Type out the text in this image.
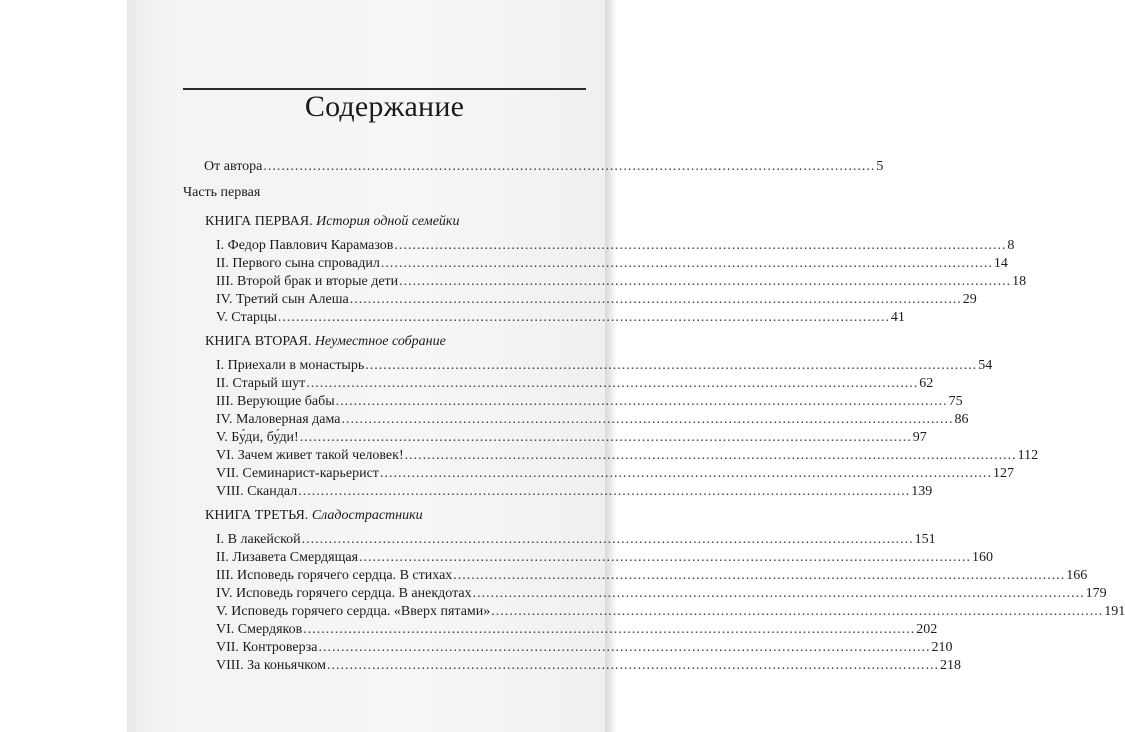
Содержание
От автора ........................................................................................................................................ 5
Часть первая
КНИГА ПЕРВАЯ. История одной семейки
I. Федор Павлович Карамазов ........................................................................................................................................ 8
II. Первого сына спровадил ........................................................................................................................................ 14
III. Второй брак и вторые дети ........................................................................................................................................ 18
IV. Третий сын Алеша ........................................................................................................................................ 29
V. Старцы ........................................................................................................................................ 41
КНИГА ВТОРАЯ. Неуместное собрание
I. Приехали в монастырь ........................................................................................................................................ 54
II. Старый шут ........................................................................................................................................ 62
III. Верующие бабы ........................................................................................................................................ 75
IV. Маловерная дама ........................................................................................................................................ 86
V. Бу́ди, бу́ди! ........................................................................................................................................ 97
VI. Зачем живет такой человек! ........................................................................................................................................ 112
VII. Семинарист-карьерист ........................................................................................................................................ 127
VIII. Скандал ........................................................................................................................................ 139
КНИГА ТРЕТЬЯ. Сладострастники
I. В лакейской ........................................................................................................................................ 151
II. Лизавета Смердящая ........................................................................................................................................ 160
III. Исповедь горячего сердца. В стихах ........................................................................................................................................ 166
IV. Исповедь горячего сердца. В анекдотах ........................................................................................................................................ 179
V. Исповедь горячего сердца. «Вверх пятами» ........................................................................................................................................ 191
VI. Смердяков ........................................................................................................................................ 202
VII. Контроверза ........................................................................................................................................ 210
VIII. За коньячком ........................................................................................................................................ 218
